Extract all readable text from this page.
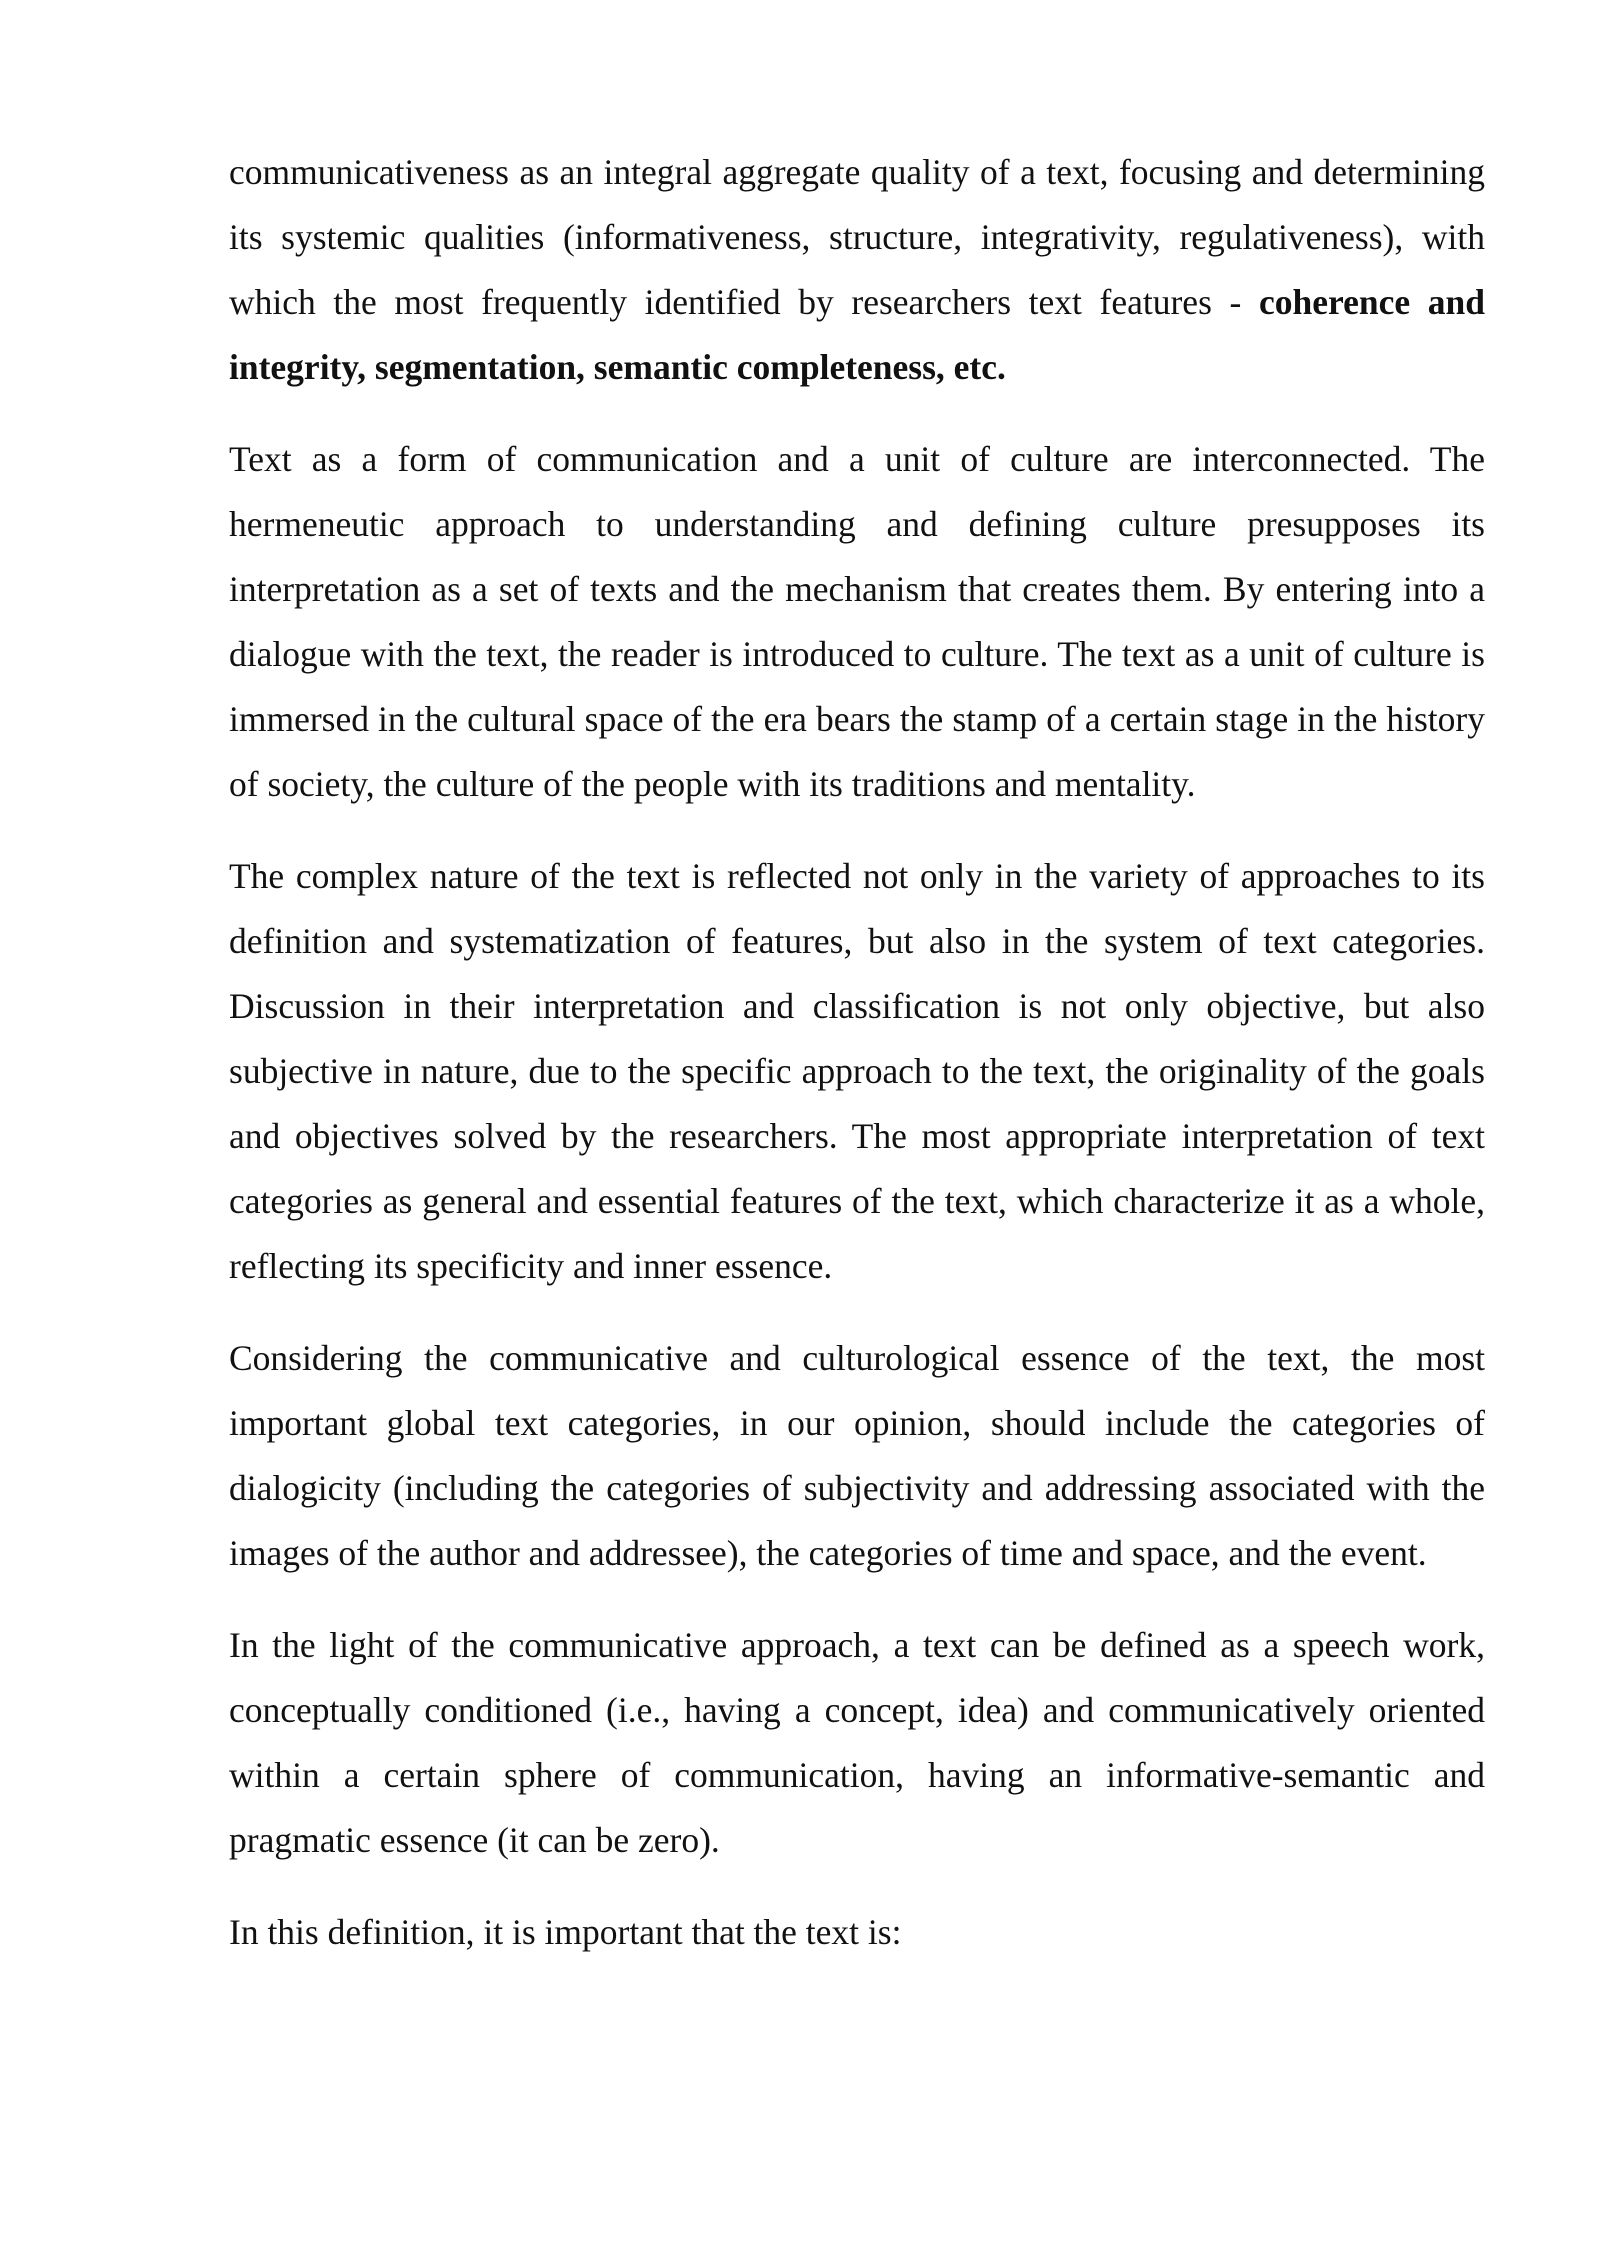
communicativeness as an integral aggregate quality of a text, focusing and determining its systemic qualities (informativeness, structure, integrativity, regulativeness), with which the most frequently identified by researchers text features - coherence and integrity, segmentation, semantic completeness, etc.

Text as a form of communication and a unit of culture are interconnected. The hermeneutic approach to understanding and defining culture presupposes its interpretation as a set of texts and the mechanism that creates them. By entering into a dialogue with the text, the reader is introduced to culture. The text as a unit of culture is immersed in the cultural space of the era bears the stamp of a certain stage in the history of society, the culture of the people with its traditions and mentality.

The complex nature of the text is reflected not only in the variety of approaches to its definition and systematization of features, but also in the system of text categories. Discussion in their interpretation and classification is not only objective, but also subjective in nature, due to the specific approach to the text, the originality of the goals and objectives solved by the researchers. The most appropriate interpretation of text categories as general and essential features of the text, which characterize it as a whole, reflecting its specificity and inner essence.

Considering the communicative and culturological essence of the text, the most important global text categories, in our opinion, should include the categories of dialogicity (including the categories of subjectivity and addressing associated with the images of the author and addressee), the categories of time and space, and the event.

In the light of the communicative approach, a text can be defined as a speech work, conceptually conditioned (i.e., having a concept, idea) and communicatively oriented within a certain sphere of communication, having an informative-semantic and pragmatic essence (it can be zero).

In this definition, it is important that the text is:
